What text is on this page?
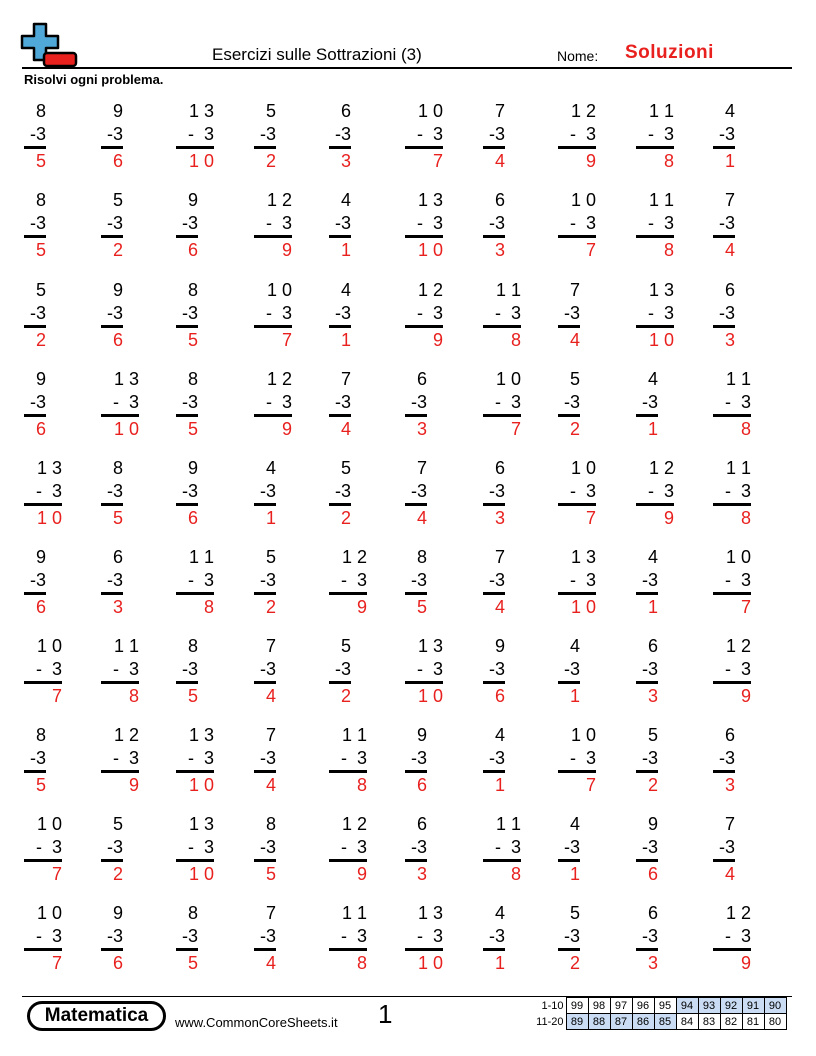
Esercizi sulle Sottrazioni (3)	Nome: Soluzioni
Risolvi ogni problema.
8
-3
5
9
-3
6
1 3
-  3
1 0
5
-3
2
6
-3
3
1 0
-  3
7
7
-3
4
1 2
-  3
9
1 1
-  3
8
4
-3
1
8
-3
5
5
-3
2
9
-3
6
1 2
-  3
9
4
-3
1
1 3
-  3
1 0
6
-3
3
1 0
-  3
7
1 1
-  3
8
7
-3
4
5
-3
2
9
-3
6
8
-3
5
1 0
-  3
7
4
-3
1
1 2
-  3
9
1 1
-  3
8
7
-3
4
1 3
-  3
1 0
6
-3
3
9
-3
6
1 3
-  3
1 0
8
-3
5
1 2
-  3
9
7
-3
4
6
-3
3
1 0
-  3
7
5
-3
2
4
-3
1
1 1
-  3
8
1 3
-  3
1 0
8
-3
5
9
-3
6
4
-3
1
5
-3
2
7
-3
4
6
-3
3
1 0
-  3
7
1 2
-  3
9
1 1
-  3
8
9
-3
6
6
-3
3
1 1
-  3
8
5
-3
2
1 2
-  3
9
8
-3
5
7
-3
4
1 3
-  3
1 0
4
-3
1
1 0
-  3
7
1 0
-  3
7
1 1
-  3
8
8
-3
5
7
-3
4
5
-3
2
1 3
-  3
1 0
9
-3
6
4
-3
1
6
-3
3
1 2
-  3
9
8
-3
5
1 2
-  3
9
1 3
-  3
1 0
7
-3
4
1 1
-  3
8
9
-3
6
4
-3
1
1 0
-  3
7
5
-3
2
6
-3
3
1 0
-  3
7
5
-3
2
1 3
-  3
1 0
8
-3
5
1 2
-  3
9
6
-3
3
1 1
-  3
8
4
-3
1
9
-3
6
7
-3
4
1 0
-  3
7
9
-3
6
8
-3
5
7
-3
4
1 1
-  3
8
1 3
-  3
1 0
4
-3
1
5
-3
2
6
-3
3
1 2
-  3
9
Matematica	www.CommonCoreSheets.it 1	1-10	99	98	97	96	95	94	93	92	91	90
11-20	89	88	87	86	85	84	83	82	81	80
